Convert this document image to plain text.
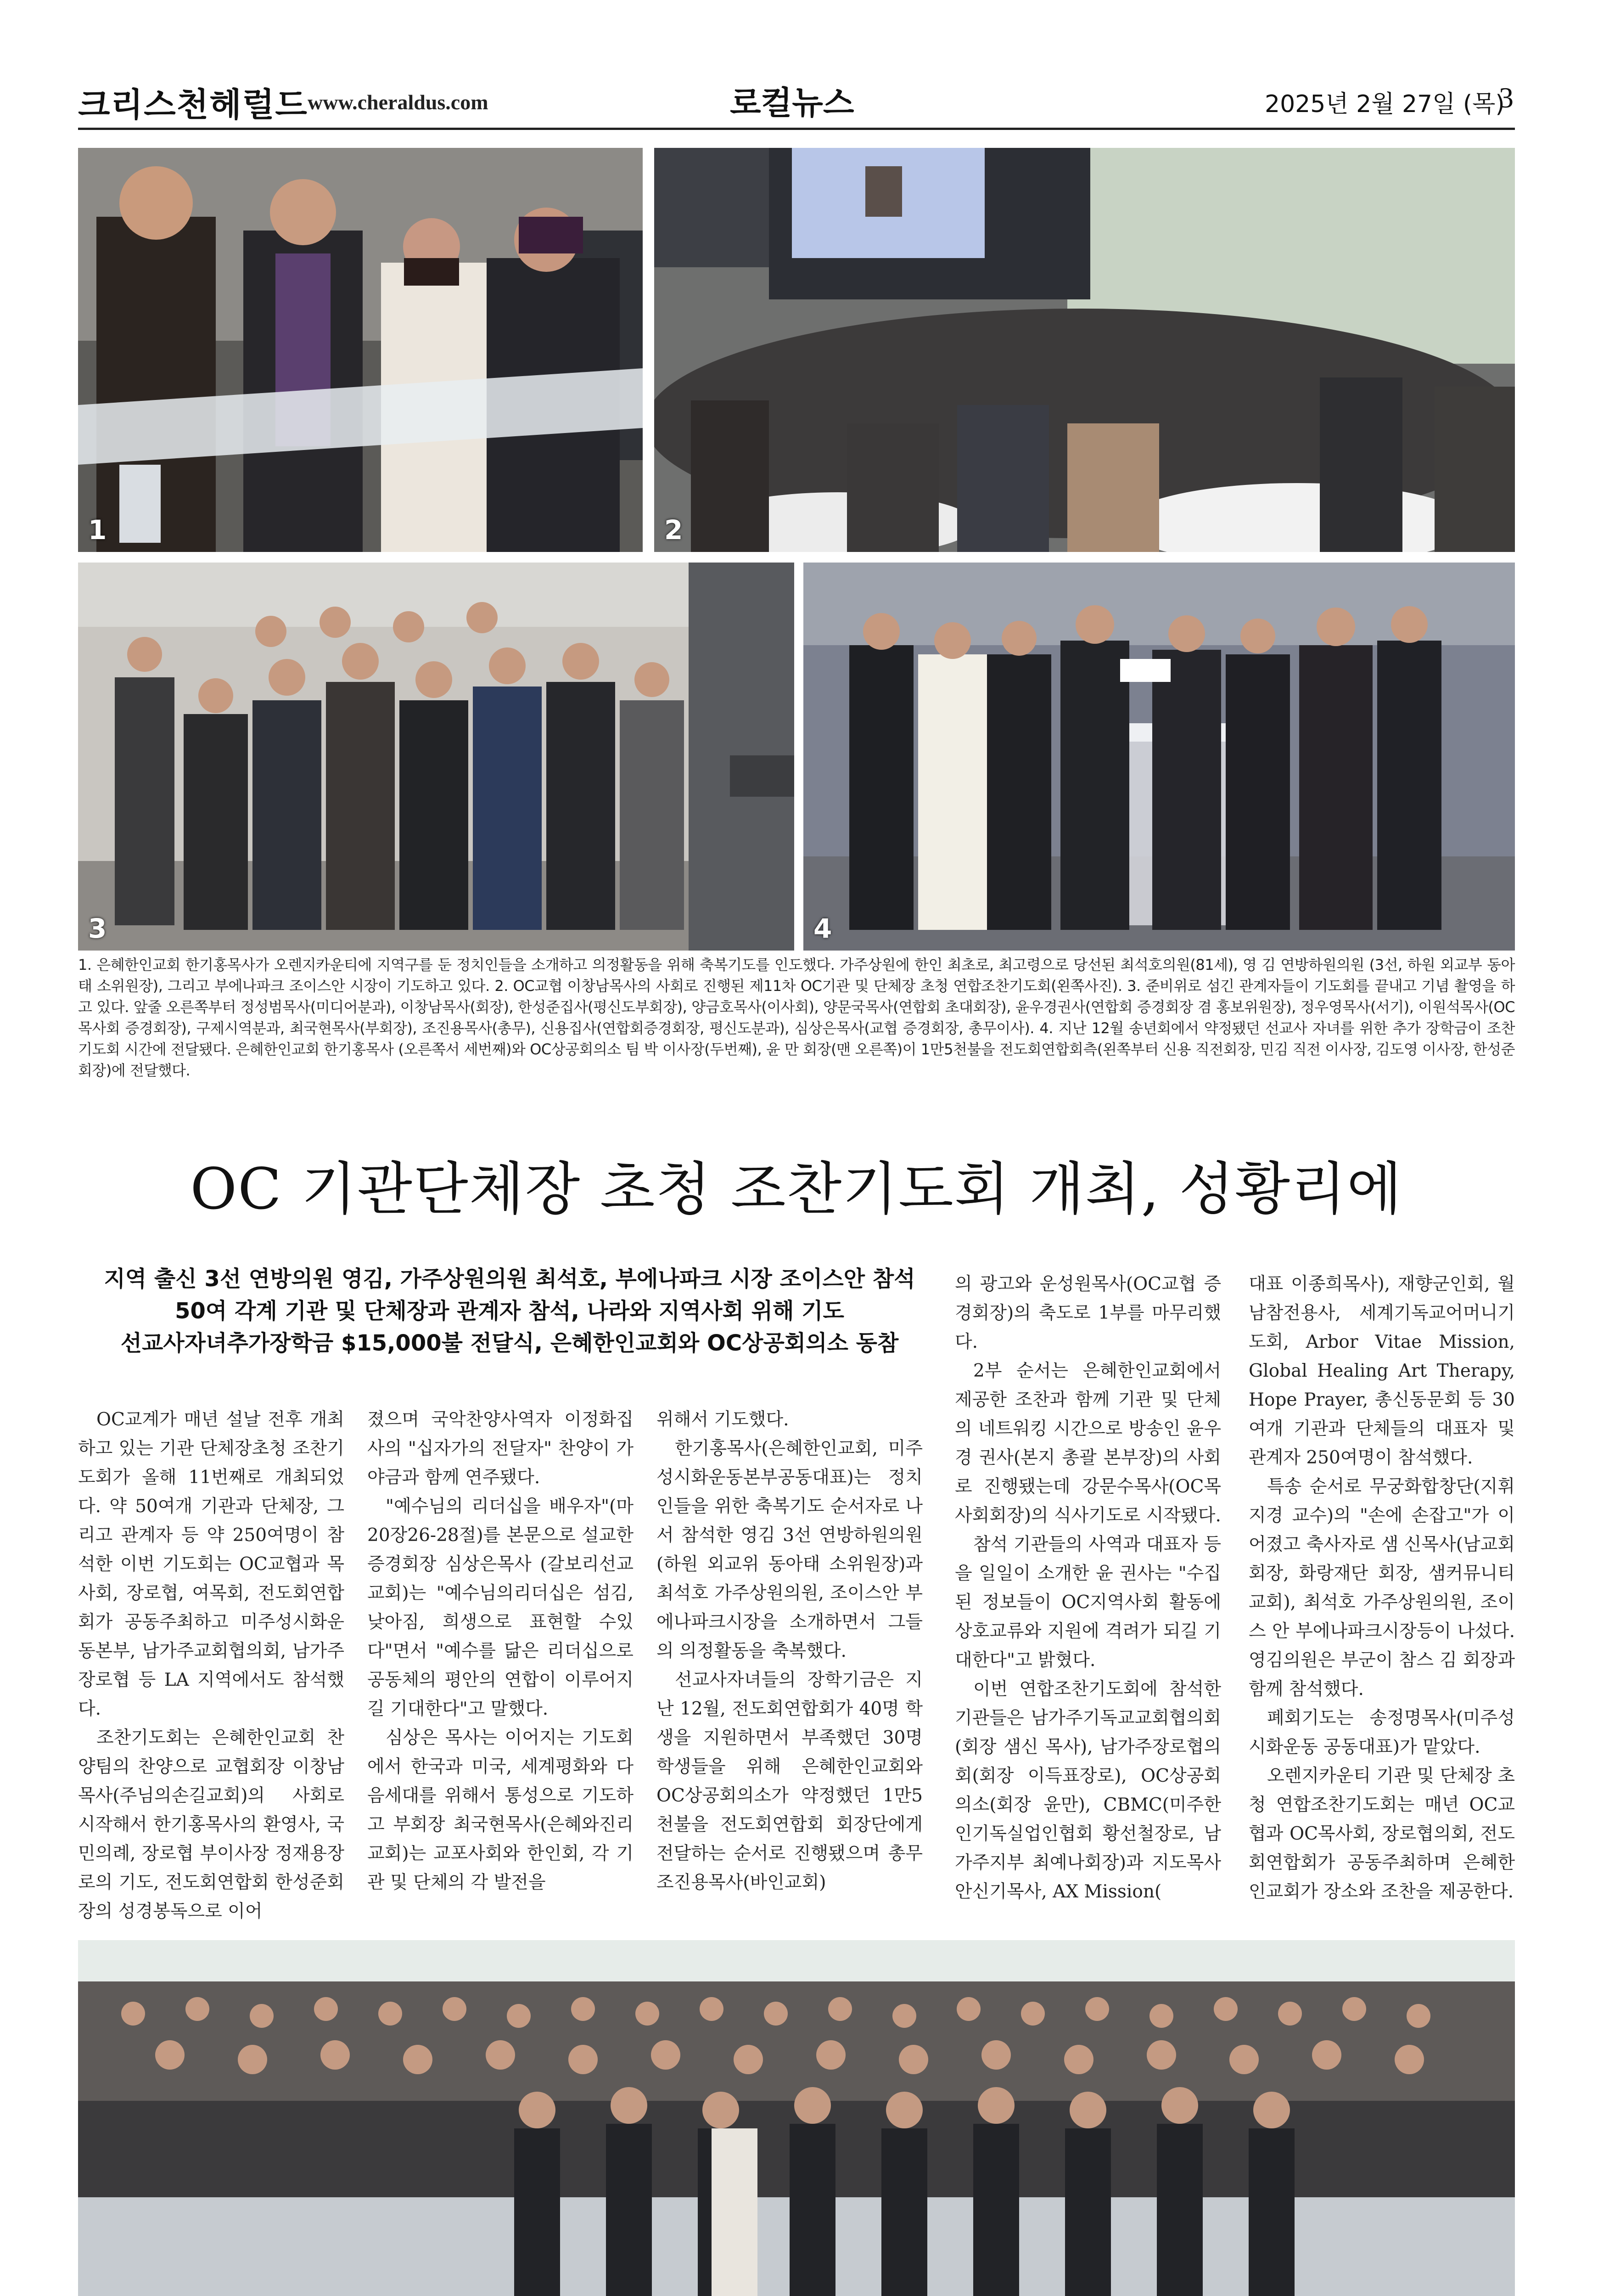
크리스천헤럴드 www.cheraldus.com	로컬뉴스	2025년 2월 27일 (목)
3
1	2
3	4
1. 은혜한인교회 한기홍목사가 오렌지카운티에 지역구를 둔 정치인들을 소개하고 의정활동을 위해 축복기도를 인도했다. 가주상원에 한인 최초로, 최고령으로 당선된 최석호의원(81세), 영 김 연방하원의원 (3선, 하원 외교부 동아태 소위원장), 그리고 부에나파크 조이스안 시장이 기도하고 있다. 2. OC교협 이창남목사의 사회로 진행된 제11차 OC기관 및 단체장 초청 연합조찬기도회(왼쪽사진). 3. 준비위로 섬긴 관계자들이 기도회를 끝내고 기념 촬영을 하고 있다. 앞줄 오른쪽부터 정성범목사(미디어분과), 이창남목사(회장), 한성준집사(평신도부회장), 양금호목사(이사회), 양문국목사(연합회 초대회장), 윤우경권사(연합회 증경회장 겸 홍보위원장), 정우영목사(서기), 이원석목사(OC목사회 증경회장), 구제시역분과, 최국현목사(부회장), 조진용목사(총무), 신용집사(연합회증경회장, 평신도분과), 심상은목사(교협 증경회장, 총무이사). 4. 지난 12월 송년회에서 약정됐던 선교사 자녀를 위한 추가 장학금이 조찬 기도회 시간에 전달됐다. 은혜한인교회 한기홍목사 (오른쪽서 세번째)와 OC상공회의소 팀 박 이사장(두번째), 윤 만 회장(맨 오른쪽)이 1만5천불을 전도회연합회측(왼쪽부터 신용 직전회장, 민김 직전 이사장, 김도영 이사장, 한성준회장)에 전달했다.
OC 기관단체장 초청 조찬기도회 개최, 성황리에
지역 출신 3선 연방의원 영김, 가주상원의원 최석호, 부에나파크 시장 조이스안 참석
50여 각계 기관 및 단체장과 관계자 참석, 나라와 지역사회 위해 기도
선교사자녀추가장학금 $15,000불 전달식, 은혜한인교회와 OC상공회의소 동참

OC교계가 매년 설날 전후 개최하고 있는 기관 단체장초청 조찬기도회가 올해 11번째로 개최되었다. 약 50여개 기관과 단체장, 그리고 관계자 등 약 250여명이 참석한 이번 기도회는 OC교협과 목사회, 장로협, 여목회, 전도회연합회가 공동주최하고 미주성시화운동본부, 남가주교회협의회, 남가주장로협 등 LA 지역에서도 참석했다.

조찬기도회는 은혜한인교회 찬양팀의 찬양으로 교협회장 이창남목사(주님의손길교회)의 사회로 시작해서 한기홍목사의 환영사, 국민의례, 장로협 부이사장 정재용장로의 기도, 전도회연합회 한성준회장의 성경봉독으로 이어

졌으며 국악찬양사역자 이정화집사의 "십자가의 전달자" 찬양이 가야금과 함께 연주됐다.

"예수님의 리더십을 배우자"(마20장26-28절)를 본문으로 설교한 증경회장 심상은목사 (갈보리선교교회)는 "예수님의리더십은 섬김, 낮아짐, 희생으로 표현할 수있다"면서 "예수를 닮은 리더십으로 공동체의 평안의 연합이 이루어지길 기대한다"고 말했다.

심상은 목사는 이어지는 기도회에서 한국과 미국, 세계평화와 다음세대를 위해서 통성으로 기도하고 부회장 최국현목사(은혜와진리교회)는 교포사회와 한인회, 각 기관 및 단체의 각 발전을

위해서 기도했다.

한기홍목사(은혜한인교회, 미주성시화운동본부공동대표)는 정치인들을 위한 축복기도 순서자로 나서 참석한 영김 3선 연방하원의원(하원 외교위 동아태 소위원장)과 최석호 가주상원의원, 조이스안 부에나파크시장을 소개하면서 그들의 의정활동을 축복했다.

선교사자녀들의 장학기금은 지난 12월, 전도회연합회가 40명 학생을 지원하면서 부족했던 30명 학생들을 위해 은혜한인교회와 OC상공회의소가 약정했던 1만5천불을 전도회연합회 회장단에게 전달하는 순서로 진행됐으며 총무 조진용목사(바인교회)

의 광고와 운성원목사(OC교협 증경회장)의 축도로 1부를 마무리했다.

2부 순서는 은혜한인교회에서 제공한 조찬과 함께 기관 및 단체의 네트워킹 시간으로 방송인 윤우경 권사(본지 총괄 본부장)의 사회로 진행됐는데 강문수목사(OC목사회회장)의 식사기도로 시작됐다.

참석 기관들의 사역과 대표자 등을 일일이 소개한 윤 권사는 "수집된 정보들이 OC지역사회 활동에 상호교류와 지원에 격려가 되길 기대한다"고 밝혔다.

이번 연합조찬기도회에 참석한 기관들은 남가주기독교교회협의회(회장 샘신 목사), 남가주장로협의회(회장 이득표장로), OC상공회의소(회장 윤만), CBMC(미주한인기독실업인협회 황선철장로, 남가주지부 최예나회장)과 지도목사 안신기목사, AX Mission(

대표 이종희목사), 재향군인회, 월남참전용사, 세계기독교어머니기도회, Arbor Vitae Mission, Global Healing Art Therapy, Hope Prayer, 총신동문회 등 30여개 기관과 단체들의 대표자 및 관계자 250여명이 참석했다.

특송 순서로 무궁화합창단(지휘 지경 교수)의 "손에 손잡고"가 이어졌고 축사자로 샘 신목사(남교회 회장, 화랑재단 회장, 샘커뮤니티교회), 최석호 가주상원의원, 조이스 안 부에나파크시장등이 나섰다. 영김의원은 부군이 참스 김 회장과 함께 참석했다.

폐회기도는 송정명목사(미주성시화운동 공동대표)가 맡았다.

오렌지카운티 기관 및 단체장 초청 연합조찬기도회는 매년 OC교협과 OC목사회, 장로협의회, 전도회연합회가 공동주최하며 은혜한인교회가 장소와 조찬을 제공한다.
